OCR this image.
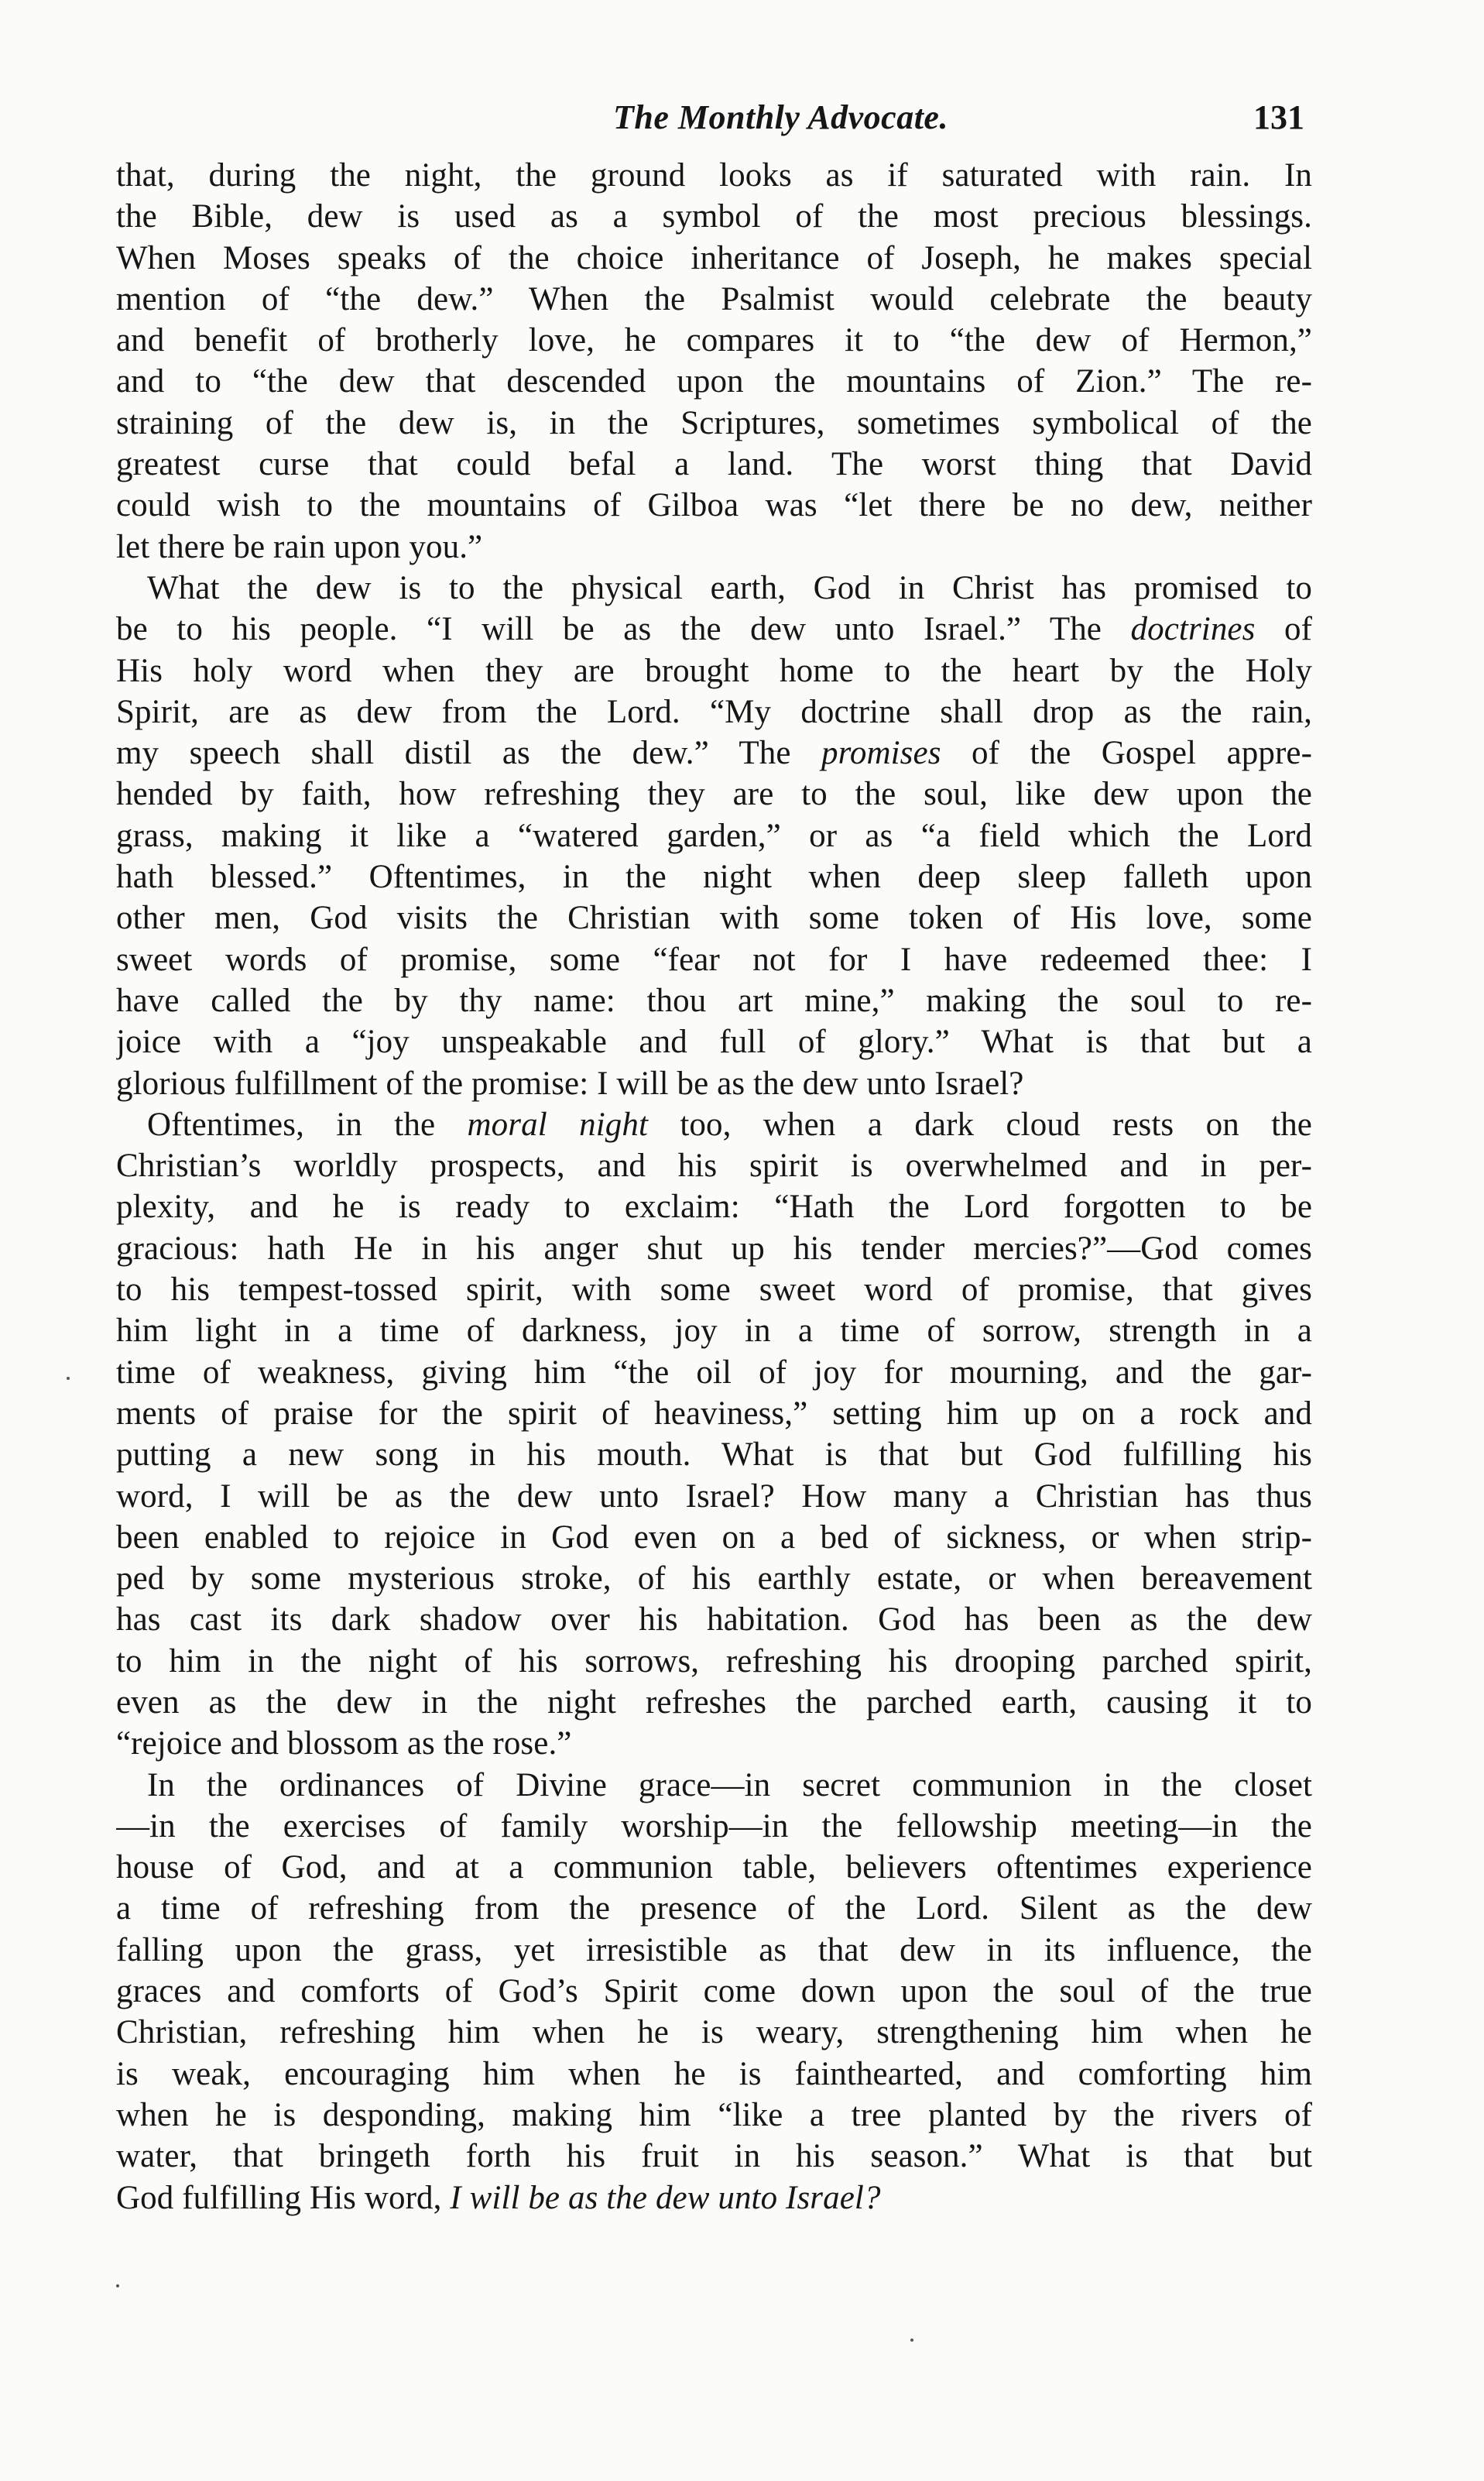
The Monthly Advocate.	131
that, during the night, the ground looks as if saturated with rain. In
the Bible, dew is used as a symbol of the most precious blessings.
When Moses speaks of the choice inheritance of Joseph, he makes special
mention of “the dew.” When the Psalmist would celebrate the beauty
and benefit of brotherly love, he compares it to “the dew of Hermon,”
and to “the dew that descended upon the mountains of Zion.” The re-
straining of the dew is, in the Scriptures, sometimes symbolical of the
greatest curse that could befal a land. The worst thing that David
could wish to the mountains of Gilboa was “let there be no dew, neither
let there be rain upon you.”
What the dew is to the physical earth, God in Christ has promised to
be to his people. “I will be as the dew unto Israel.” The doctrines of
His holy word when they are brought home to the heart by the Holy
Spirit, are as dew from the Lord. “My doctrine shall drop as the rain,
my speech shall distil as the dew.” The promises of the Gospel appre-
hended by faith, how refreshing they are to the soul, like dew upon the
grass, making it like a “watered garden,” or as “a field which the Lord
hath blessed.” Oftentimes, in the night when deep sleep falleth upon
other men, God visits the Christian with some token of His love, some
sweet words of promise, some “fear not for I have redeemed thee: I
have called the by thy name: thou art mine,” making the soul to re-
joice with a “joy unspeakable and full of glory.” What is that but a
glorious fulfillment of the promise: I will be as the dew unto Israel?
Oftentimes, in the moral night too, when a dark cloud rests on the
Christian’s worldly prospects, and his spirit is overwhelmed and in per-
plexity, and he is ready to exclaim: “Hath the Lord forgotten to be
gracious: hath He in his anger shut up his tender mercies?”—God comes
to his tempest-tossed spirit, with some sweet word of promise, that gives
him light in a time of darkness, joy in a time of sorrow, strength in a
time of weakness, giving him “the oil of joy for mourning, and the gar-
ments of praise for the spirit of heaviness,” setting him up on a rock and
putting a new song in his mouth. What is that but God fulfilling his
word, I will be as the dew unto Israel? How many a Christian has thus
been enabled to rejoice in God even on a bed of sickness, or when strip-
ped by some mysterious stroke, of his earthly estate, or when bereavement
has cast its dark shadow over his habitation. God has been as the dew
to him in the night of his sorrows, refreshing his drooping parched spirit,
even as the dew in the night refreshes the parched earth, causing it to
“rejoice and blossom as the rose.”
In the ordinances of Divine grace—in secret communion in the closet
—in the exercises of family worship—in the fellowship meeting—in the
house of God, and at a communion table, believers oftentimes experience
a time of refreshing from the presence of the Lord. Silent as the dew
falling upon the grass, yet irresistible as that dew in its influence, the
graces and comforts of God’s Spirit come down upon the soul of the true
Christian, refreshing him when he is weary, strengthening him when he
is weak, encouraging him when he is fainthearted, and comforting him
when he is desponding, making him “like a tree planted by the rivers of
water, that bringeth forth his fruit in his season.” What is that but
God fulfilling His word, I will be as the dew unto Israel?
